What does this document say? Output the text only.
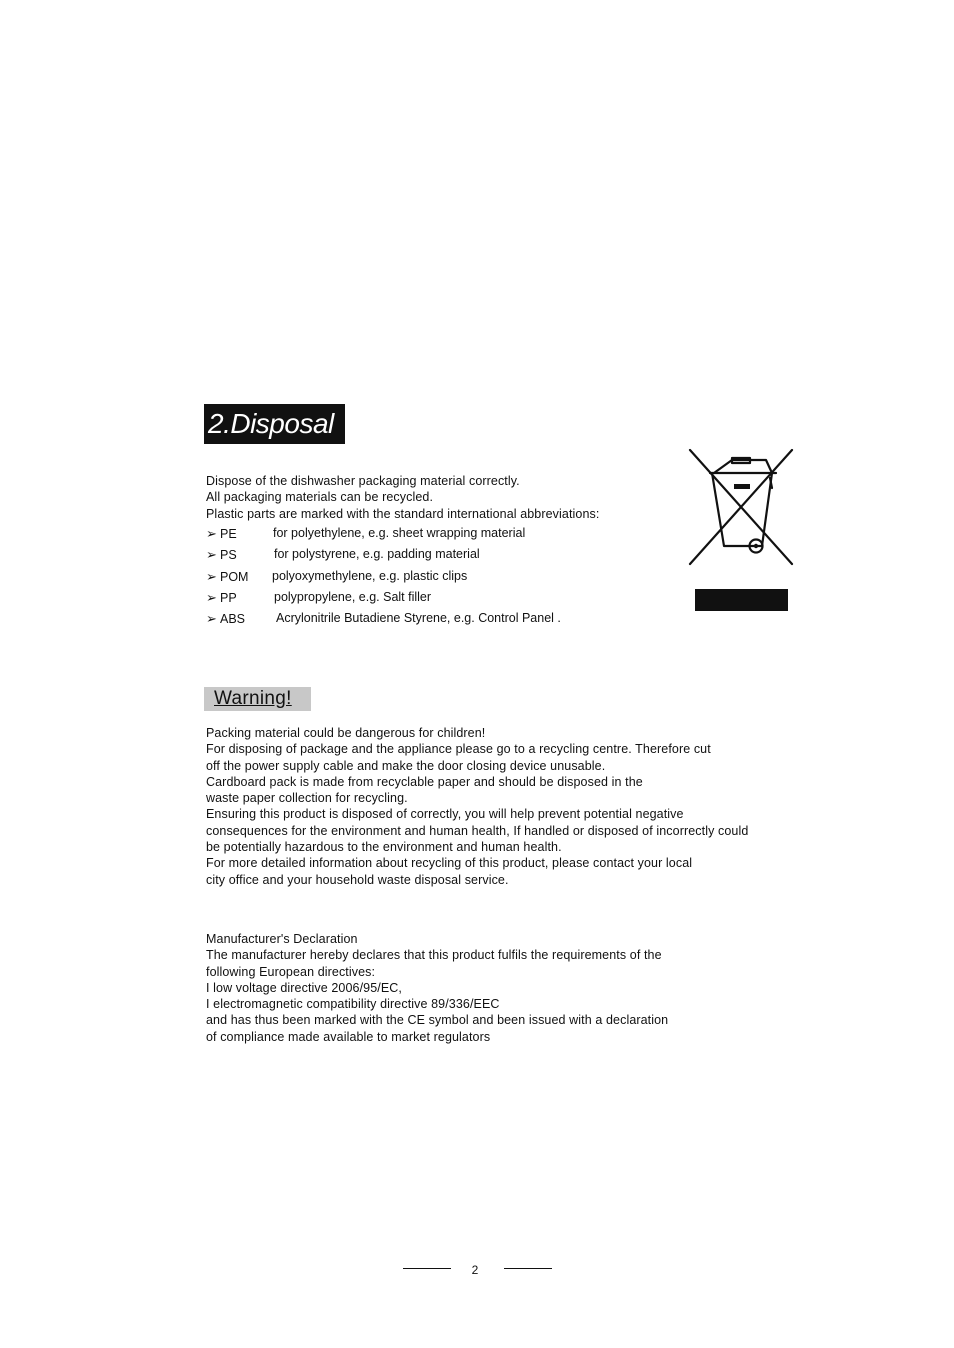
2.Disposal
Dispose of the dishwasher packaging material correctly.
All packaging materials can be recycled.
Plastic parts are marked with the standard international abbreviations:
➢ PE	for polyethylene, e.g. sheet wrapping material
➢ PS	for polystyrene, e.g. padding material
➢ POM polyoxymethylene, e.g. plastic clips
➢ PP	polypropylene, e.g. Salt filler
➢ ABS Acrylonitrile Butadiene Styrene, e.g. Control Panel .
Warning!
Packing material could be dangerous for children!
For disposing of package and the appliance please go to a recycling centre. Therefore cut
off the power supply cable and make the door closing device unusable.
Cardboard pack is made from recyclable paper and should be disposed in the
waste paper collection for recycling.
Ensuring this product is disposed of correctly, you will help prevent potential negative
consequences for the environment and human health, If handled or disposed of incorrectly could
be potentially hazardous to the environment and human health.
For more detailed information about recycling of this product, please contact your local
city office and your household waste disposal service.
Manufacturer's Declaration
The manufacturer hereby declares that this product fulfils the requirements of the
following European directives:
I low voltage directive 2006/95/EC,
I electromagnetic compatibility directive 89/336/EEC
and has thus been marked with the CE symbol and been issued with a declaration
of compliance made available to market regulators
2
